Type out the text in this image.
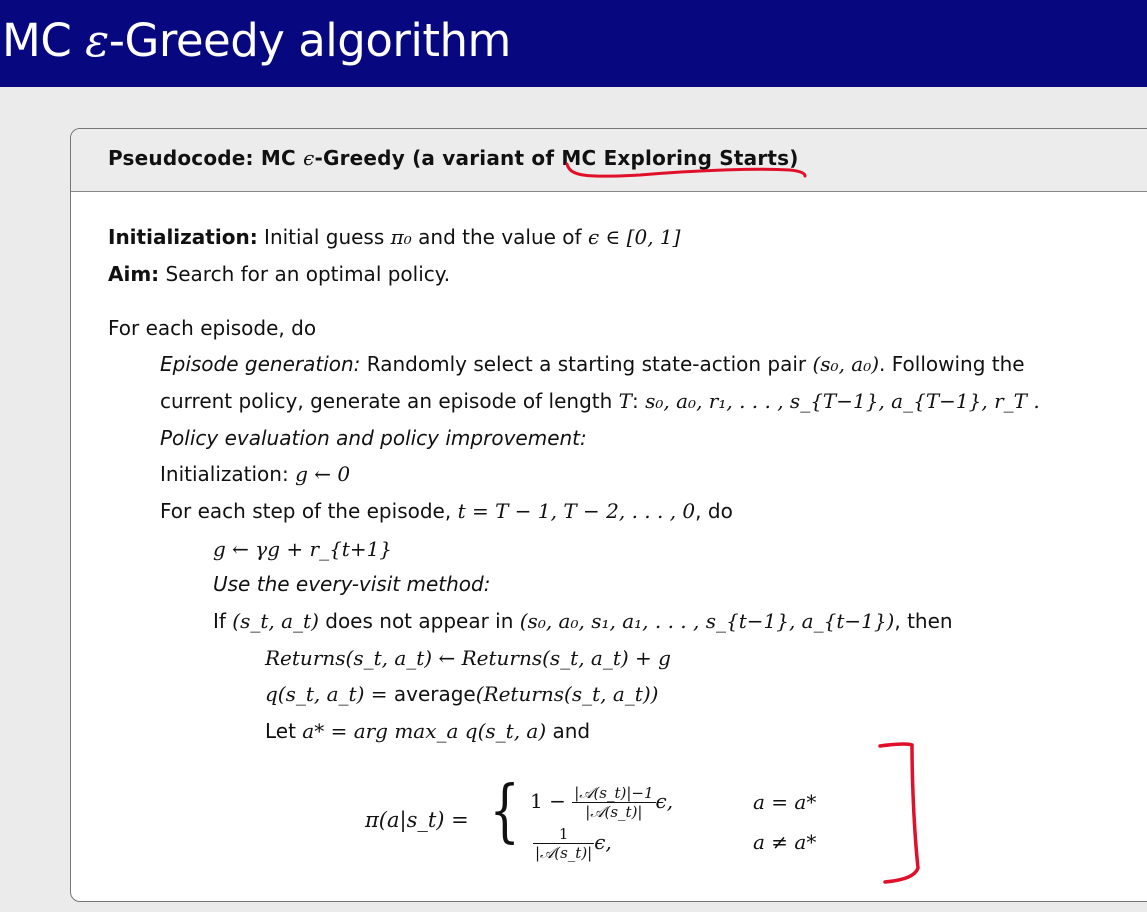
MC ε-Greedy algorithm
Pseudocode: MC ϵ-Greedy (a variant of MC Exploring Starts)
Initialization: Initial guess π₀ and the value of ϵ ∈ [0, 1]
Aim: Search for an optimal policy.
For each episode, do
Episode generation: Randomly select a starting state-action pair (s₀, a₀). Following the
current policy, generate an episode of length T: s₀, a₀, r₁, . . . , s_{T−1}, a_{T−1}, r_T .
Policy evaluation and policy improvement:
Initialization: g ← 0
For each step of the episode, t = T − 1, T − 2, . . . , 0, do
g ← γg + r_{t+1}
Use the every-visit method:
If (s_t, a_t) does not appear in (s₀, a₀, s₁, a₁, . . . , s_{t−1}, a_{t−1}), then
Returns(s_t, a_t) ← Returns(s_t, a_t) + g
q(s_t, a_t) = average(Returns(s_t, a_t))
Let a* = arg max_a q(s_t, a) and
π(a|s_t) = { $1 - \frac{\text{|𝒜(s\_t)|−1}}{\text{|𝒜(s\_t)|}} \epsilon$,	a = a*
$\frac{1}{\text{|𝒜(s\_t)|}} \epsilon$,	a ≠ a*
